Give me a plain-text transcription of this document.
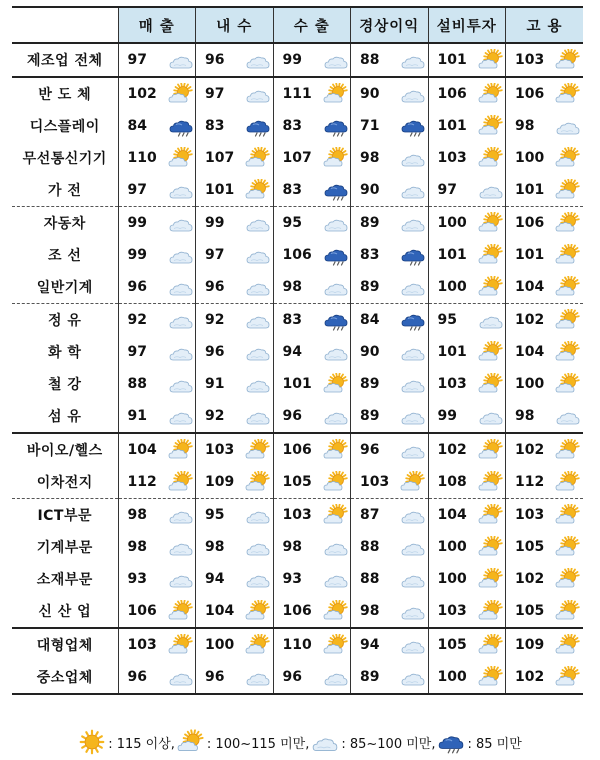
	매 출	내 수	수 출	경상이익	설비투자	고 용
제조업 전체	97	96	99	88	101	103

반 도 체	102	97	111	90	106	106

디스플레이	84	83	83	71	101	98

무선통신기기	110	107	107	98	103	100

가 전	97	101	83	90	97	101

자동차	99	99	95	89	100	106

조 선	99	97	106	83	101	101

일반기계	96	96	98	89	100	104

정 유	92	92	83	84	95	102

화 학	97	96	94	90	101	104

철 강	88	91	101	89	103	100

섬 유	91	92	96	89	99	98

바이오/헬스	104	103	106	96	102	102

이차전지	112	109	105	103	108	112

ICT부문	98	95	103	87	104	103

기계부문	98	98	98	88	100	105

소재부문	93	94	93	88	100	102

신 산 업	106	104	106	98	103	105

대형업체	103	100	110	94	105	109

중소업체	96	96	96	89	100	102
: 115 이상, : 100~115 미만, : 85~100 미만, : 85 미만
